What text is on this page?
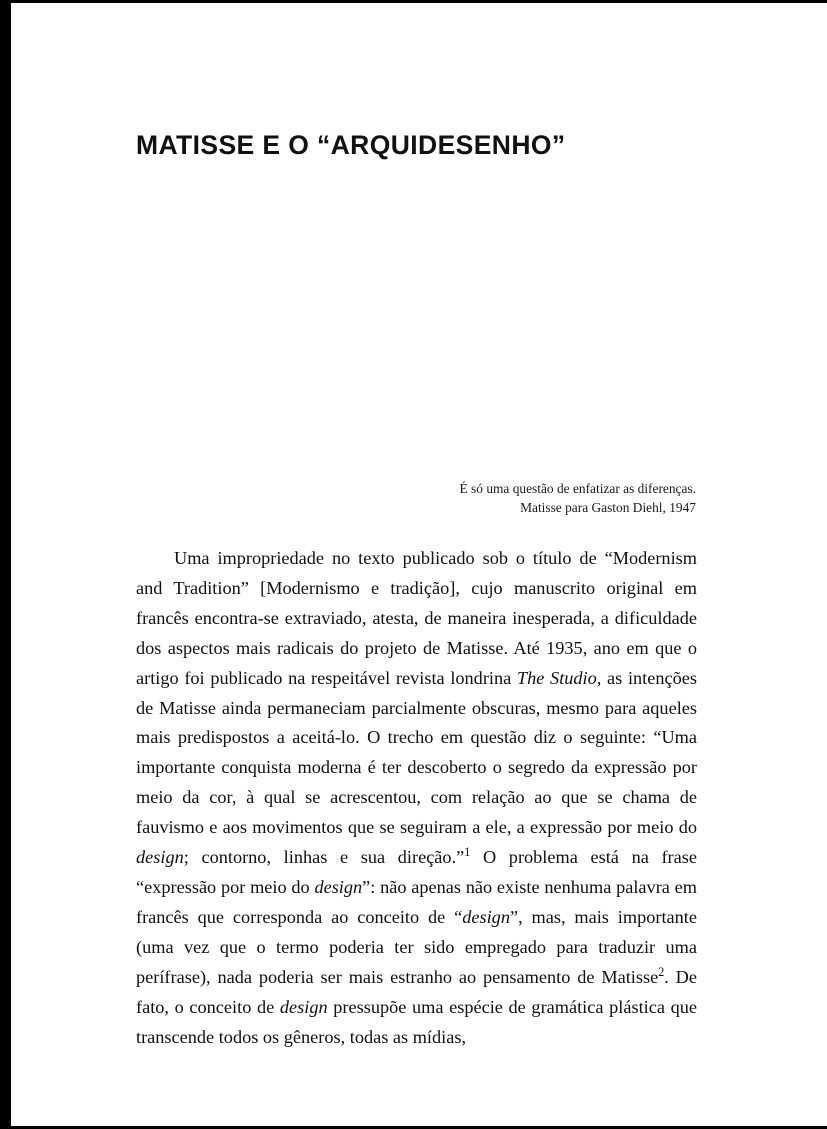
MATISSE E O “ARQUIDESENHO”
É só uma questão de enfatizar as diferenças.
Matisse para Gaston Diehl, 1947

Uma impropriedade no texto publicado sob o título de “Modernism and Tradition” [Modernismo e tradição], cujo manuscrito original em francês encontra-se extraviado, atesta, de maneira inesperada, a dificuldade dos aspectos mais radicais do projeto de Matisse. Até 1935, ano em que o artigo foi publicado na respeitável revista londrina The Studio, as intenções de Matisse ainda permaneciam parcialmente obscuras, mesmo para aqueles mais predispostos a aceitá-lo. O trecho em questão diz o seguinte: “Uma importante conquista moderna é ter descoberto o segredo da expressão por meio da cor, à qual se acrescentou, com relação ao que se chama de fauvismo e aos movimentos que se seguiram a ele, a expressão por meio do design; contorno, linhas e sua direção.”$^1$ O problema está na frase “expressão por meio do design”: não apenas não existe nenhuma palavra em francês que corresponda ao conceito de “design”, mas, mais importante (uma vez que o termo poderia ter sido empregado para traduzir uma perífrase), nada poderia ser mais estranho ao pensamento de Matisse$^2$. De fato, o conceito de design pressupõe uma espécie de gramática plástica que transcende todos os gêneros, todas as mídias,
